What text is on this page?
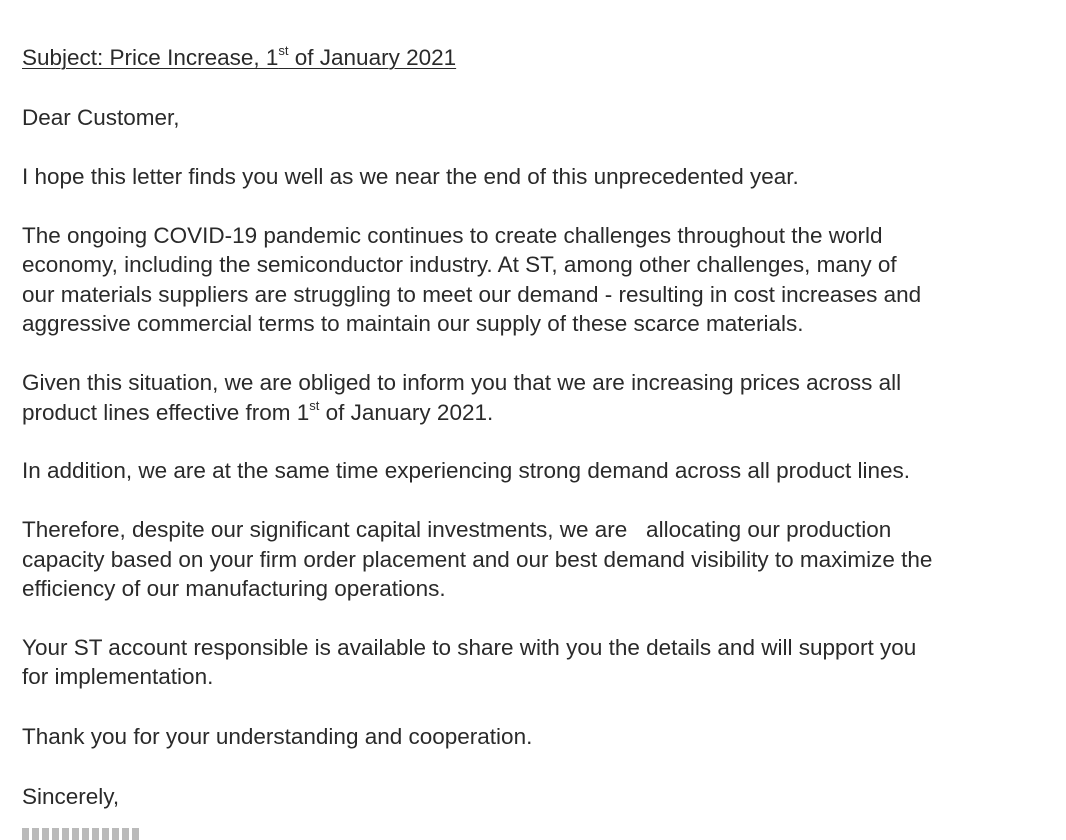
Subject: Price Increase, 1st of January 2021

Dear Customer,

I hope this letter finds you well as we near the end of this unprecedented year.

The ongoing COVID-19 pandemic continues to create challenges throughout the world

economy, including the semiconductor industry. At ST, among other challenges, many of

our materials suppliers are struggling to meet our demand - resulting in cost increases and

aggressive commercial terms to maintain our supply of these scarce materials.

Given this situation, we are obliged to inform you that we are increasing prices across all

product lines effective from 1st of January 2021.

In addition, we are at the same time experiencing strong demand across all product lines.

Therefore, despite our significant capital investments, we are   allocating our production

capacity based on your firm order placement and our best demand visibility to maximize the

efficiency of our manufacturing operations.

Your ST account responsible is available to share with you the details and will support you

for implementation.

Thank you for your understanding and cooperation.

Sincerely,
